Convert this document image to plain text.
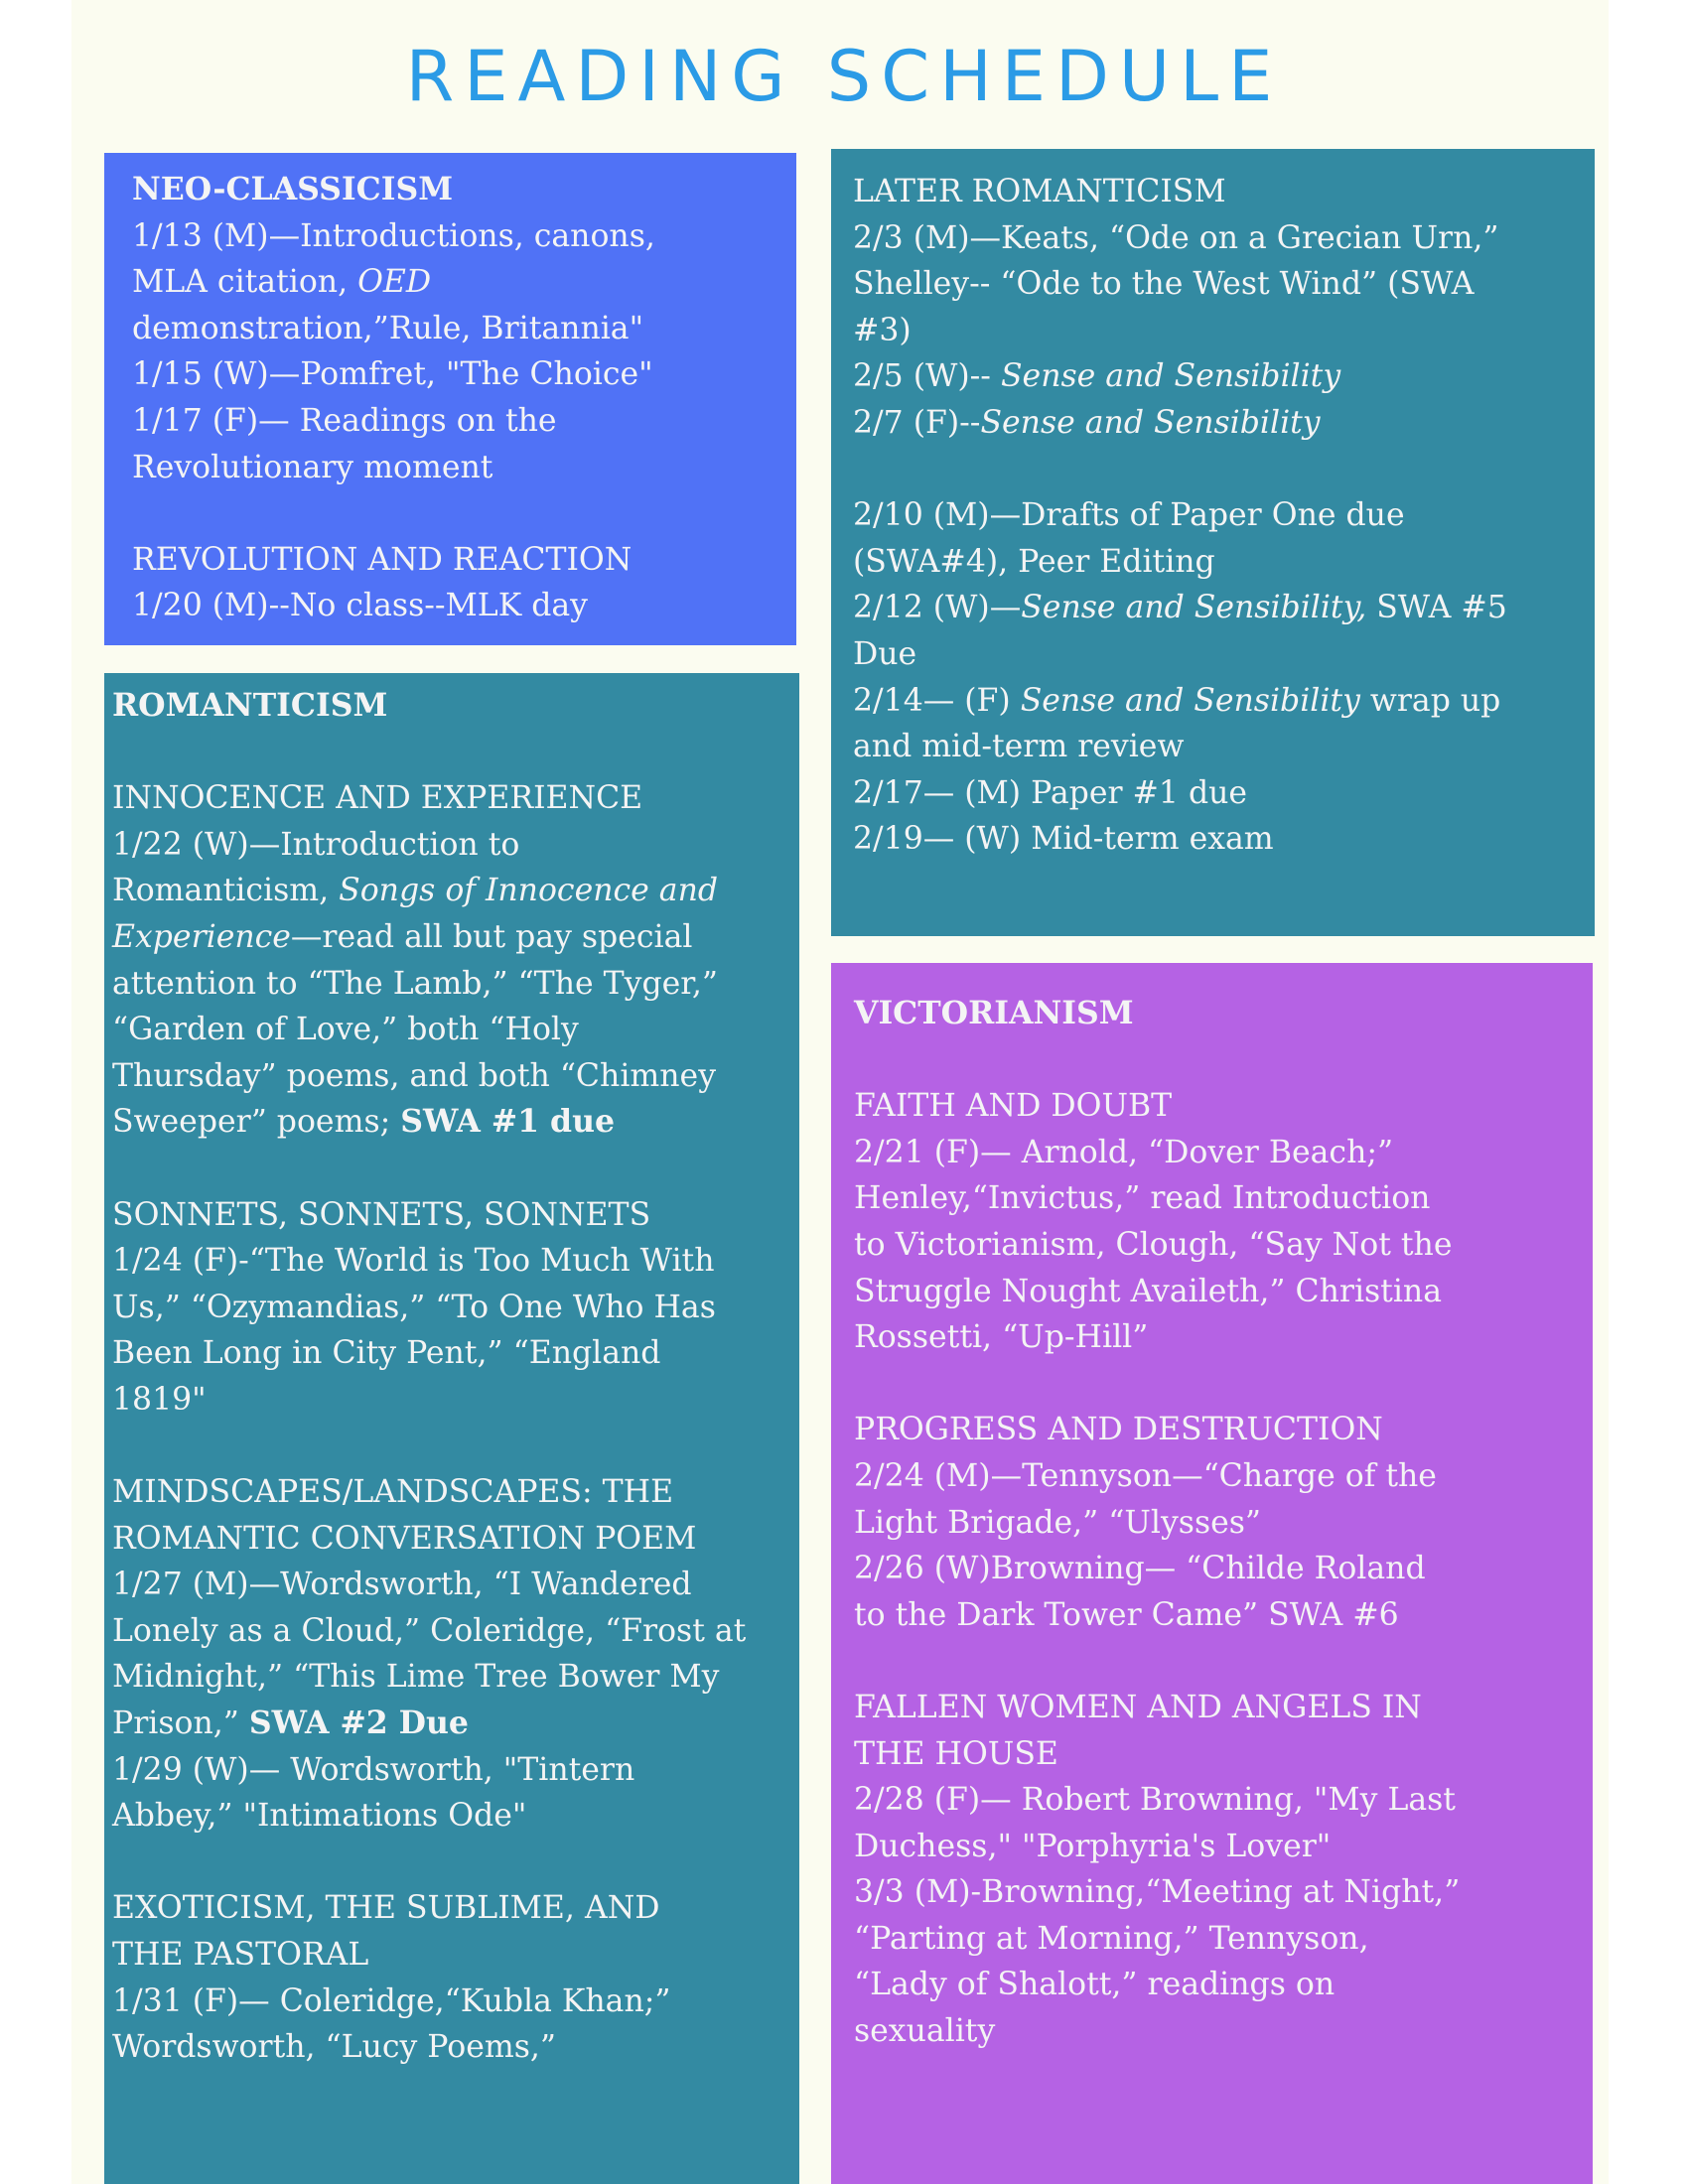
READING SCHEDULE

NEO-CLASSICISM

1/13 (M)—Introductions, canons,

MLA citation, OED

demonstration,”Rule, Britannia"

1/15 (W)—Pomfret, "The Choice"

1/17 (F)— Readings on the

Revolutionary moment

REVOLUTION AND REACTION

1/20 (M)--No class--MLK day

ROMANTICISM

INNOCENCE AND EXPERIENCE

1/22 (W)—Introduction to

Romanticism, Songs of Innocence and

Experience—read all but pay special

attention to “The Lamb,” “The Tyger,”

“Garden of Love,” both “Holy

Thursday” poems, and both “Chimney

Sweeper” poems; SWA #1 due

SONNETS, SONNETS, SONNETS

1/24 (F)-“The World is Too Much With

Us,” “Ozymandias,” “To One Who Has

Been Long in City Pent,” “England

1819"

MINDSCAPES/LANDSCAPES: THE

ROMANTIC CONVERSATION POEM

1/27 (M)—Wordsworth, “I Wandered

Lonely as a Cloud,” Coleridge, “Frost at

Midnight,” “This Lime Tree Bower My

Prison,” SWA #2 Due

1/29 (W)— Wordsworth, "Tintern

Abbey,” "Intimations Ode"

EXOTICISM, THE SUBLIME, AND

THE PASTORAL

1/31 (F)— Coleridge,“Kubla Khan;”

Wordsworth, “Lucy Poems,”

LATER ROMANTICISM

2/3 (M)—Keats, “Ode on a Grecian Urn,”

Shelley-- “Ode to the West Wind” (SWA

#3)

2/5 (W)-- Sense and Sensibility

2/7 (F)--Sense and Sensibility

2/10 (M)—Drafts of Paper One due

(SWA#4), Peer Editing

2/12 (W)—Sense and Sensibility, SWA #5

Due

2/14— (F) Sense and Sensibility wrap up

and mid-term review

2/17— (M) Paper #1 due

2/19— (W) Mid-term exam

VICTORIANISM

FAITH AND DOUBT

2/21 (F)— Arnold, “Dover Beach;”

Henley,“Invictus,” read Introduction

to Victorianism, Clough, “Say Not the

Struggle Nought Availeth,” Christina

Rossetti, “Up-Hill”

PROGRESS AND DESTRUCTION

2/24 (M)—Tennyson—“Charge of the

Light Brigade,” “Ulysses”

2/26 (W)Browning— “Childe Roland

to the Dark Tower Came” SWA #6

FALLEN WOMEN AND ANGELS IN

THE HOUSE

2/28 (F)— Robert Browning, "My Last

Duchess," "Porphyria's Lover"

3/3 (M)-Browning,“Meeting at Night,”

“Parting at Morning,” Tennyson,

“Lady of Shalott,” readings on

sexuality
